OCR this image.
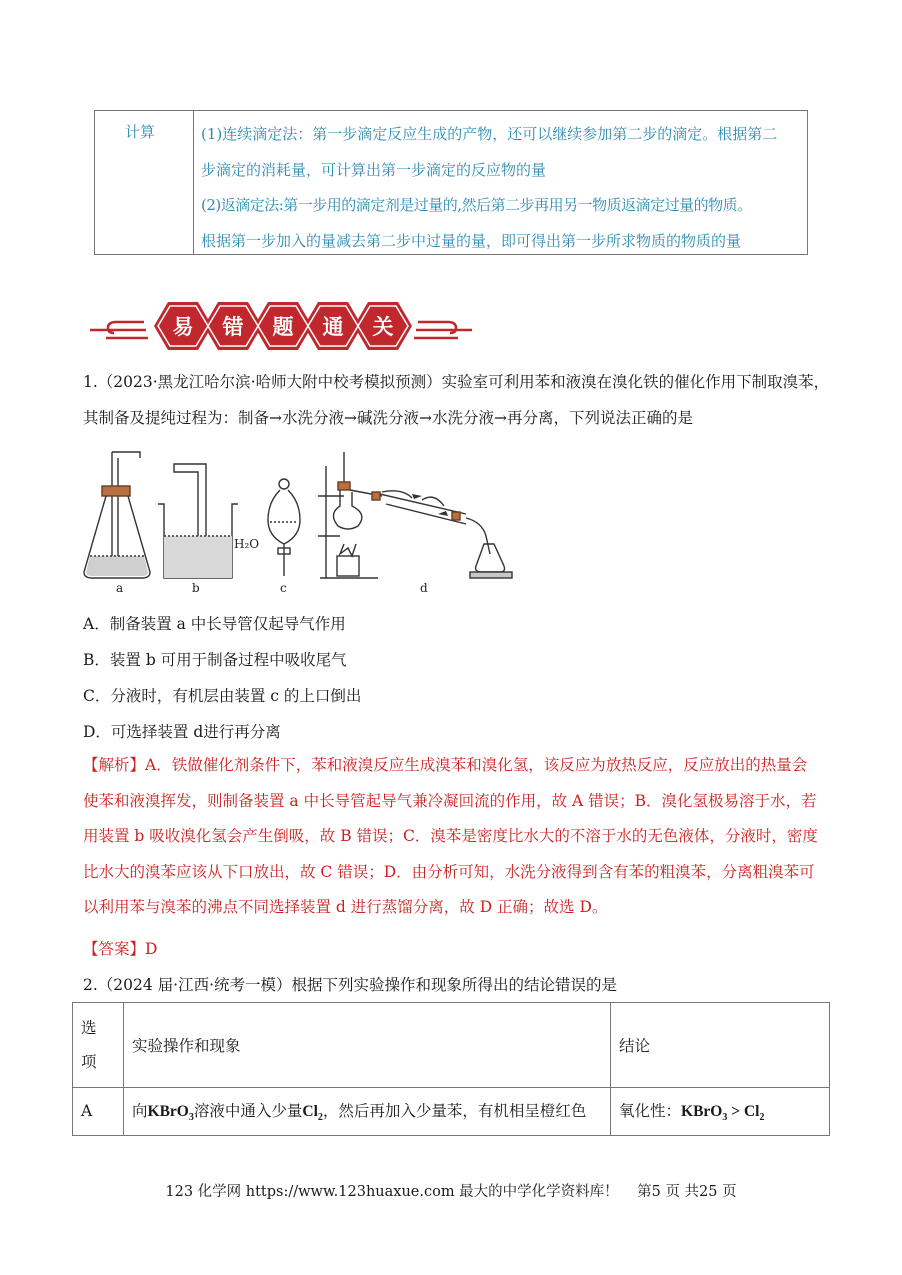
计算	(1)连续滴定法：第一步滴定反应生成的产物，还可以继续参加第二步的滴定。根据第二

步滴定的消耗量，可计算出第一步滴定的反应物的量

(2)返滴定法:第一步用的滴定剂是过量的,然后第二步再用另一物质返滴定过量的物质。

根据第一步加入的量减去第二步中过量的量，即可得出第一步所求物质的物质的量

易 错 题 通 关
1.（2023·黑龙江哈尔滨·哈师大附中校考模拟预测）实验室可利用苯和液溴在溴化铁的催化作用下制取溴苯，
其制备及提纯过程为：制备→水洗分液→碱洗分液→水洗分液→再分离，下列说法正确的是
a	b	c	d
H₂O
A．制备装置 a 中长导管仅起导气作用
B．装置 b 可用于制备过程中吸收尾气
C．分液时，有机层由装置 c 的上口倒出
D．可选择装置 d进行再分离

【解析】A．铁做催化剂条件下，苯和液溴反应生成溴苯和溴化氢，该反应为放热反应，反应放出的热量会

使苯和液溴挥发，则制备装置 a 中长导管起导气兼冷凝回流的作用，故 A 错误；B．溴化氢极易溶于水，若

用装置 b 吸收溴化氢会产生倒吸，故 B 错误；C．溴苯是密度比水大的不溶于水的无色液体，分液时，密度

比水大的溴苯应该从下口放出，故 C 错误；D．由分析可知，水洗分液得到含有苯的粗溴苯，分离粗溴苯可

以利用苯与溴苯的沸点不同选择装置 d 进行蒸馏分离，故 D 正确；故选 D。

【答案】D
2.（2024 届·江西·统考一模）根据下列实验操作和现象所得出的结论错误的是
选
项	实验操作和现象	结论
A	向KBrO$_3$溶液中通入少量$Cl_2$，然后再加入少量苯，有机相呈橙红色	氧化性：KBrO$_3$ > $Cl_2$
123 化学网 https://www.123huaxue.com 最大的中学化学资料库！    第5 页 共25 页
